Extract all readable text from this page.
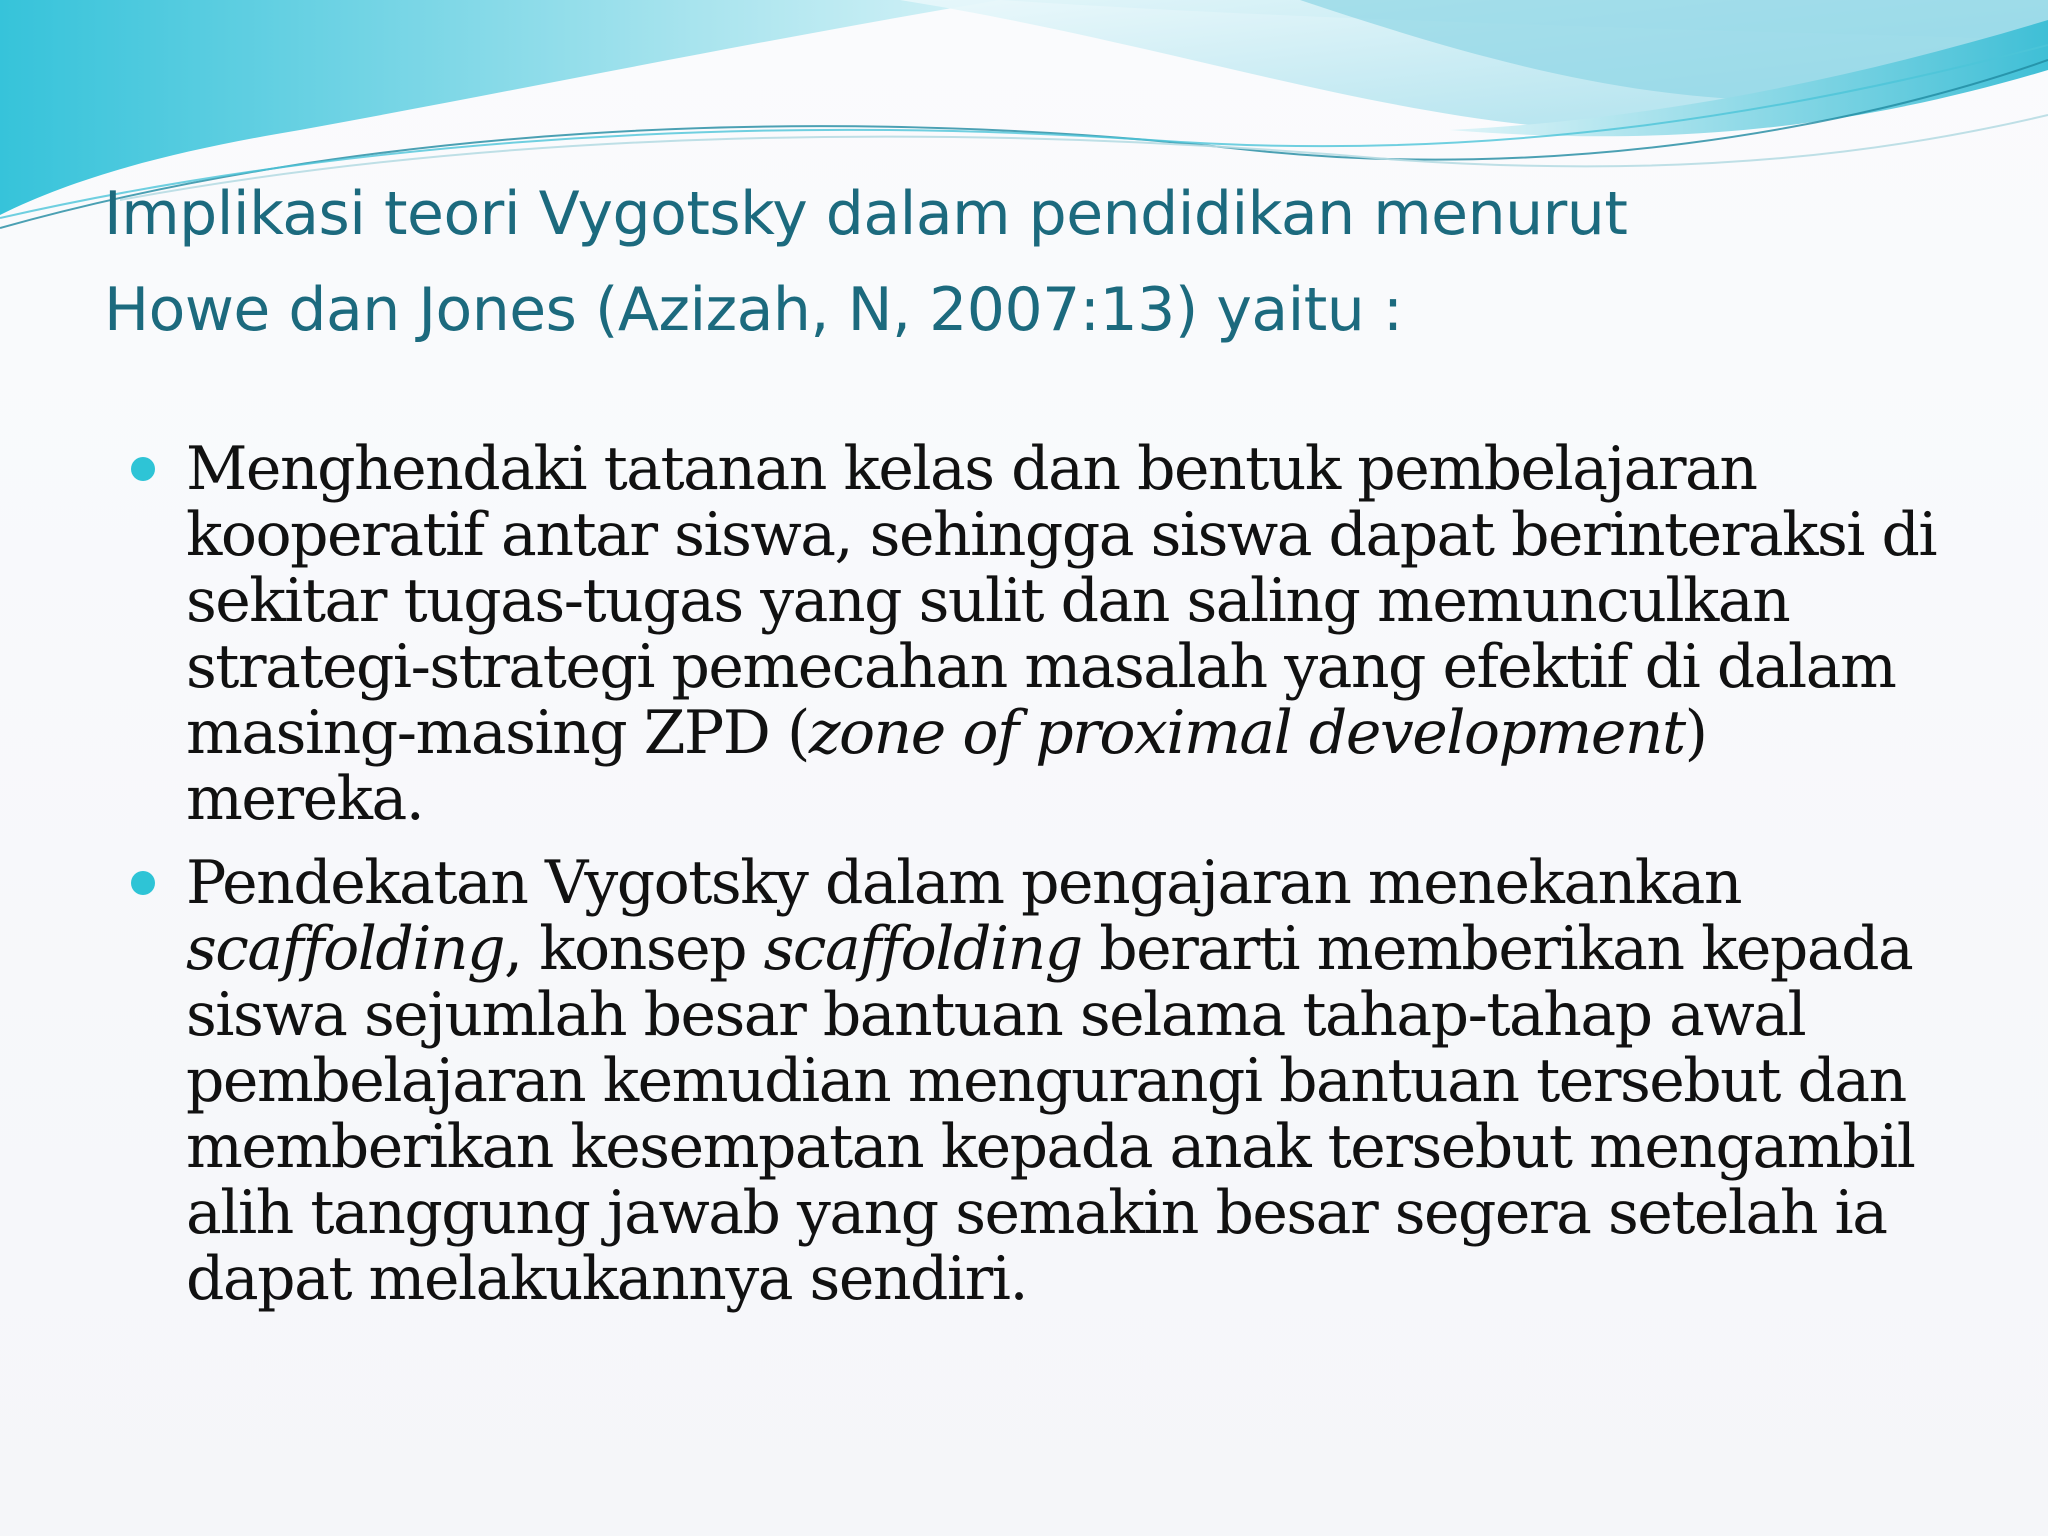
Implikasi teori Vygotsky dalam pendidikan menurut
Howe dan Jones (Azizah, N, 2007:13) yaitu :
Menghendaki tatanan kelas dan bentuk pembelajaran
kooperatif antar siswa, sehingga siswa dapat berinteraksi di
sekitar tugas-tugas yang sulit dan saling memunculkan
strategi-strategi pemecahan masalah yang efektif di dalam
masing-masing ZPD (zone of proximal development)
mereka.
Pendekatan Vygotsky dalam pengajaran menekankan
scaffolding, konsep scaffolding berarti memberikan kepada
siswa sejumlah besar bantuan selama tahap-tahap awal
pembelajaran kemudian mengurangi bantuan tersebut dan
memberikan kesempatan kepada anak tersebut mengambil
alih tanggung jawab yang semakin besar segera setelah ia
dapat melakukannya sendiri.
